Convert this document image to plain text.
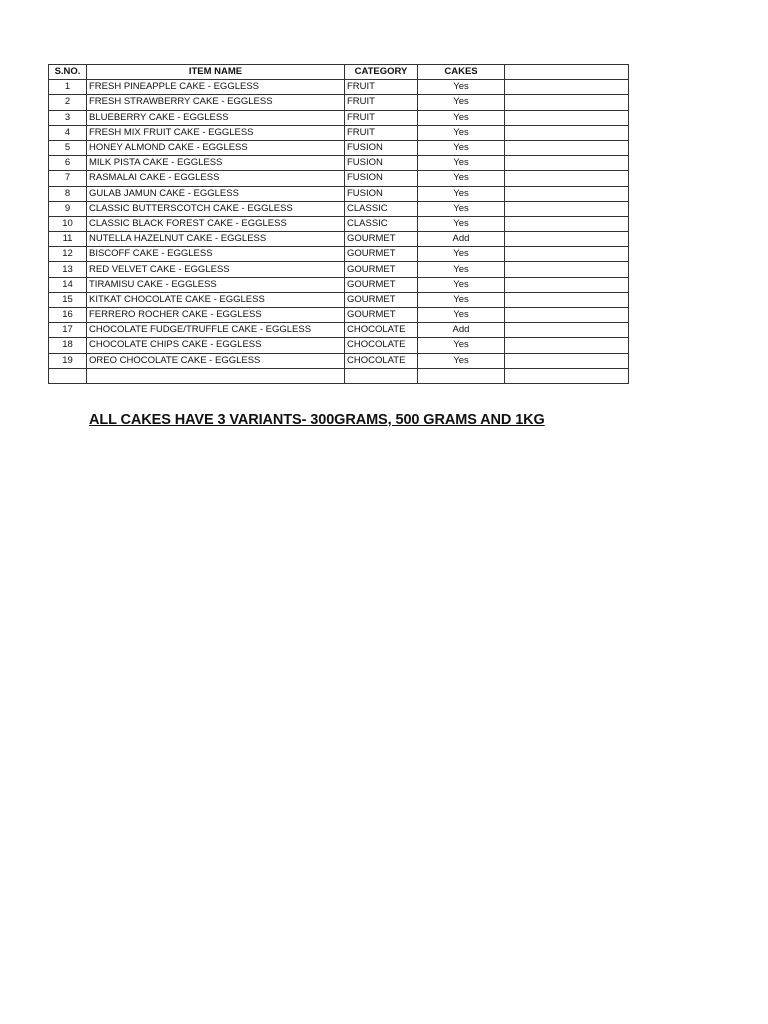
S.NO.	ITEM NAME	CATEGORY	CAKES	
1	FRESH PINEAPPLE CAKE - EGGLESS	FRUIT	Yes	
2	FRESH STRAWBERRY CAKE - EGGLESS	FRUIT	Yes	
3	BLUEBERRY CAKE - EGGLESS	FRUIT	Yes	
4	FRESH MIX FRUIT CAKE - EGGLESS	FRUIT	Yes	
5	HONEY ALMOND CAKE - EGGLESS	FUSION	Yes	
6	MILK PISTA CAKE - EGGLESS	FUSION	Yes	
7	RASMALAI CAKE - EGGLESS	FUSION	Yes	
8	GULAB JAMUN CAKE - EGGLESS	FUSION	Yes	
9	CLASSIC BUTTERSCOTCH CAKE - EGGLESS	CLASSIC	Yes	
10	CLASSIC BLACK FOREST CAKE - EGGLESS	CLASSIC	Yes	
11	NUTELLA HAZELNUT CAKE - EGGLESS	GOURMET	Add	
12	BISCOFF CAKE - EGGLESS	GOURMET	Yes	
13	RED VELVET CAKE - EGGLESS	GOURMET	Yes	
14	TIRAMISU CAKE - EGGLESS	GOURMET	Yes	
15	KITKAT CHOCOLATE CAKE - EGGLESS	GOURMET	Yes	
16	FERRERO ROCHER CAKE - EGGLESS	GOURMET	Yes	
17	CHOCOLATE FUDGE/TRUFFLE CAKE - EGGLESS	CHOCOLATE	Add	
18	CHOCOLATE CHIPS CAKE - EGGLESS	CHOCOLATE	Yes	
19	OREO CHOCOLATE CAKE - EGGLESS	CHOCOLATE	Yes	

ALL CAKES HAVE 3 VARIANTS- 300GRAMS, 500 GRAMS AND 1KG
